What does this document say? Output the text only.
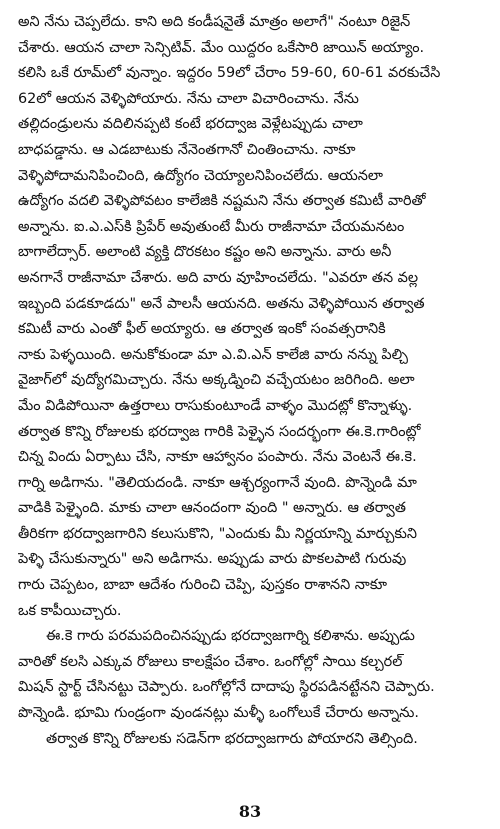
అని నేను చెప్పలేదు. కాని అది కండీషనైతే మాత్రం అలాగే" నంటూ రిజైన్
చేశారు. ఆయన చాలా సెన్సిటివ్. మేం యిద్దరం ఒకేసారి జాయిన్ అయ్యాం.
కలిసి ఒకే రూమ్‌లో వున్నాం. ఇద్దరం 59లో చేరాం 59-60, 60-61 వరకుచేసి
62లో ఆయన వెళ్ళిపోయారు. నేను చాలా విచారించాను. నేను
తల్లిదండ్రులను వదిలినప్పటి కంటే భరద్వాజ వెళ్లేటప్పుడు చాలా
బాధపడ్డాను. ఆ ఎడబాటుకు నేనెంతగానో చింతించాను. నాకూ
వెళ్ళిపోదామనిపించింది, ఉద్యోగం చెయ్యాలనిపించలేదు. ఆయనలా
ఉద్యోగం వదలి వెళ్ళిపోవటం కాలేజికి నష్టమని నేను తర్వాత కమిటీ వారితో
అన్నాను. ఐ.ఎ.ఎస్‌కి ప్రిపేర్ అవుతుంటే మీరు రాజీనామా చేయమనటం
బాగాలేద్సార్. అలాంటి వ్యక్తి దొరకటం కష్టం అని అన్నాను. వారు అనీ
అనగానే రాజీనామా చేశారు. అది వారు వూహించలేదు. "ఎవరూ తన వల్ల
ఇబ్బంది పడకూడదు" అనే పాలసీ ఆయనది. అతను వెళ్ళిపోయిన తర్వాత
కమిటీ వారు ఎంతో ఫీల్ అయ్యారు. ఆ తర్వాత ఇంకో సంవత్సరానికి
నాకు పెళ్ళయింది. అనుకోకుండా మా ఎ.వి.ఎన్ కాలేజి వారు నన్ను పిల్చి
వైజాగ్‌లో వుద్యోగమిచ్చారు. నేను అక్కడ్నించి వచ్చేయటం జరిగింది. అలా
మేం విడిపోయినా ఉత్తరాలు రాసుకుంటూండే వాళ్ళం మొదట్లో కొన్నాళ్ళు.
తర్వాత కొన్ని రోజులకు భరద్వాజ గారికి పెళ్ళైన సందర్భంగా ఈ.కె.గారింట్లో
చిన్న విందు ఏర్పాటు చేసి, నాకూ ఆహ్వానం పంపారు. నేను వెంటనే ఈ.కె.
గార్ని అడిగాను. "తెలియదండి. నాకూ ఆశ్చర్యంగానే వుంది. పొన్నెండి మా
వాడికి పెళ్ళైంది. మాకు చాలా ఆనందంగా వుంది " అన్నారు. ఆ తర్వాత
తీరికగా భరద్వాజగారిని కలుసుకొని, "ఎందుకు మీ నిర్ణయాన్ని మార్చుకుని
పెళ్ళి చేసుకున్నారు" అని అడిగాను. అప్పుడు వారు పొకలపాటి గురువు
గారు చెప్పటం, బాబా ఆదేశం గురించి చెప్పి, పుస్తకం రాశానని నాకూ
ఒక కాపీయిచ్చారు.
ఈ.కె గారు పరమపదించినప్పుడు భరద్వాజగార్ని కలిశాను. అప్పుడు
వారితో కలసి ఎక్కువ రోజులు కాలక్షేపం చేశాం. ఒంగోల్లో సాయి కల్చరల్
మిషన్ స్టార్ట్ చేసినట్టు చెప్పారు. ఒంగోల్లోనే దాదాపు స్థిరపడినట్టేనని చెప్పారు.
పొన్నెండి. భూమి గుండ్రంగా వుండనట్లు మళ్ళీ ఒంగోలుకే చేరారు అన్నాను.
తర్వాత కొన్ని రోజులకు సడెన్‌గా భరద్వాజగారు పోయారని తెల్సింది.
83
